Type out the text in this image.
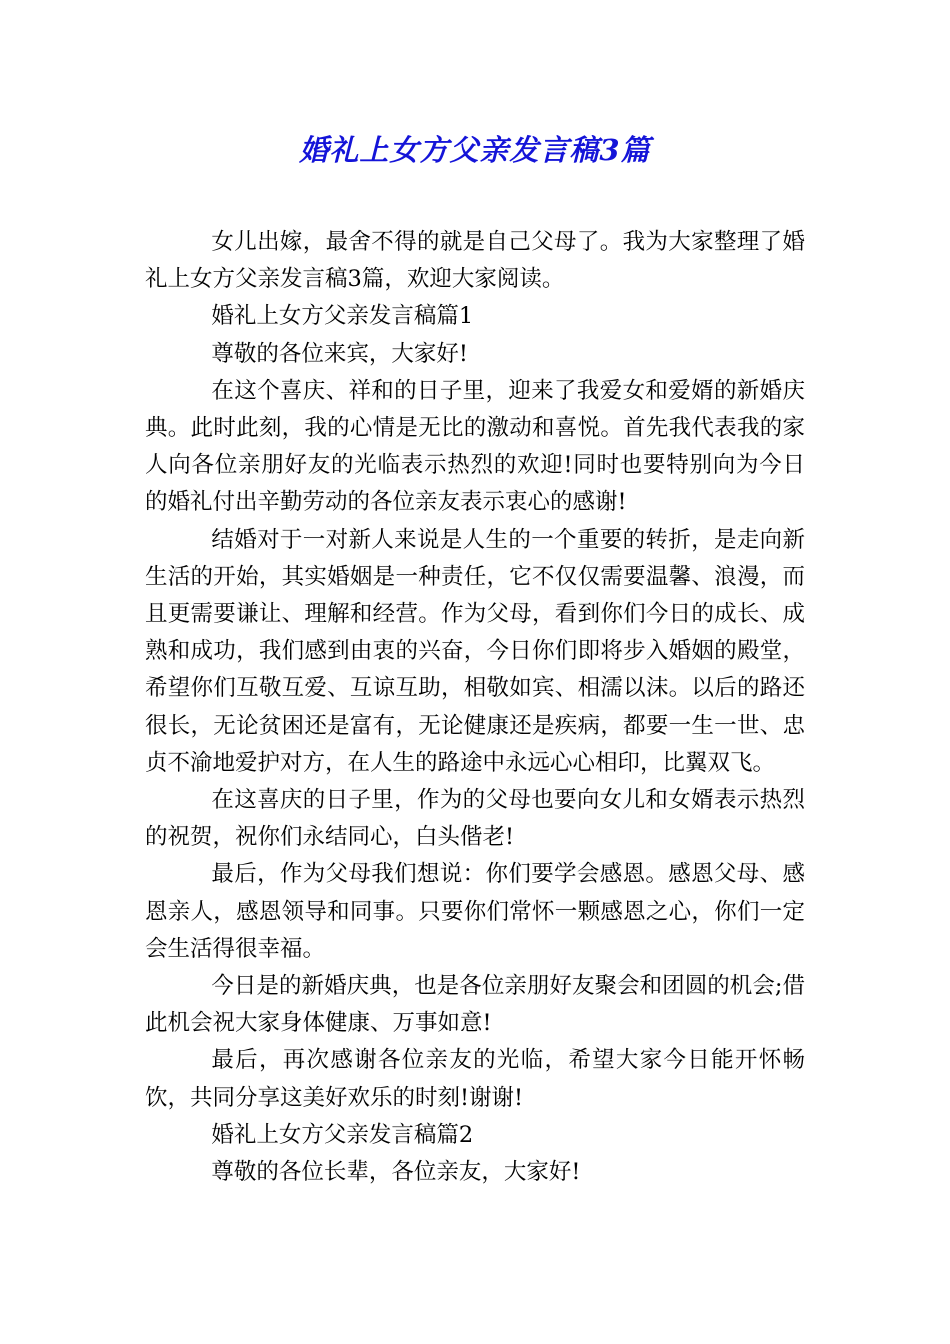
婚礼上女方父亲发言稿3篇

女儿出嫁，最舍不得的就是自己父母了。我为大家整理了婚礼上女方父亲发言稿3篇，欢迎大家阅读。

婚礼上女方父亲发言稿篇1

尊敬的各位来宾，大家好!

在这个喜庆、祥和的日子里，迎来了我爱女和爱婿的新婚庆典。此时此刻，我的心情是无比的激动和喜悦。首先我代表我的家人向各位亲朋好友的光临表示热烈的欢迎!同时也要特别向为今日的婚礼付出辛勤劳动的各位亲友表示衷心的感谢!

结婚对于一对新人来说是人生的一个重要的转折，是走向新生活的开始，其实婚姻是一种责任，它不仅仅需要温馨、浪漫，而且更需要谦让、理解和经营。作为父母，看到你们今日的成长、成熟和成功，我们感到由衷的兴奋，今日你们即将步入婚姻的殿堂，希望你们互敬互爱、互谅互助，相敬如宾、相濡以沫。以后的路还很长，无论贫困还是富有，无论健康还是疾病，都要一生一世、忠贞不渝地爱护对方，在人生的路途中永远心心相印，比翼双飞。

在这喜庆的日子里，作为的父母也要向女儿和女婿表示热烈的祝贺，祝你们永结同心，白头偕老!

最后，作为父母我们想说：你们要学会感恩。感恩父母、感恩亲人，感恩领导和同事。只要你们常怀一颗感恩之心，你们一定会生活得很幸福。

今日是的新婚庆典，也是各位亲朋好友聚会和团圆的机会;借此机会祝大家身体健康、万事如意!

最后，再次感谢各位亲友的光临，希望大家今日能开怀畅饮，共同分享这美好欢乐的时刻!谢谢!

婚礼上女方父亲发言稿篇2

尊敬的各位长辈，各位亲友，大家好!
